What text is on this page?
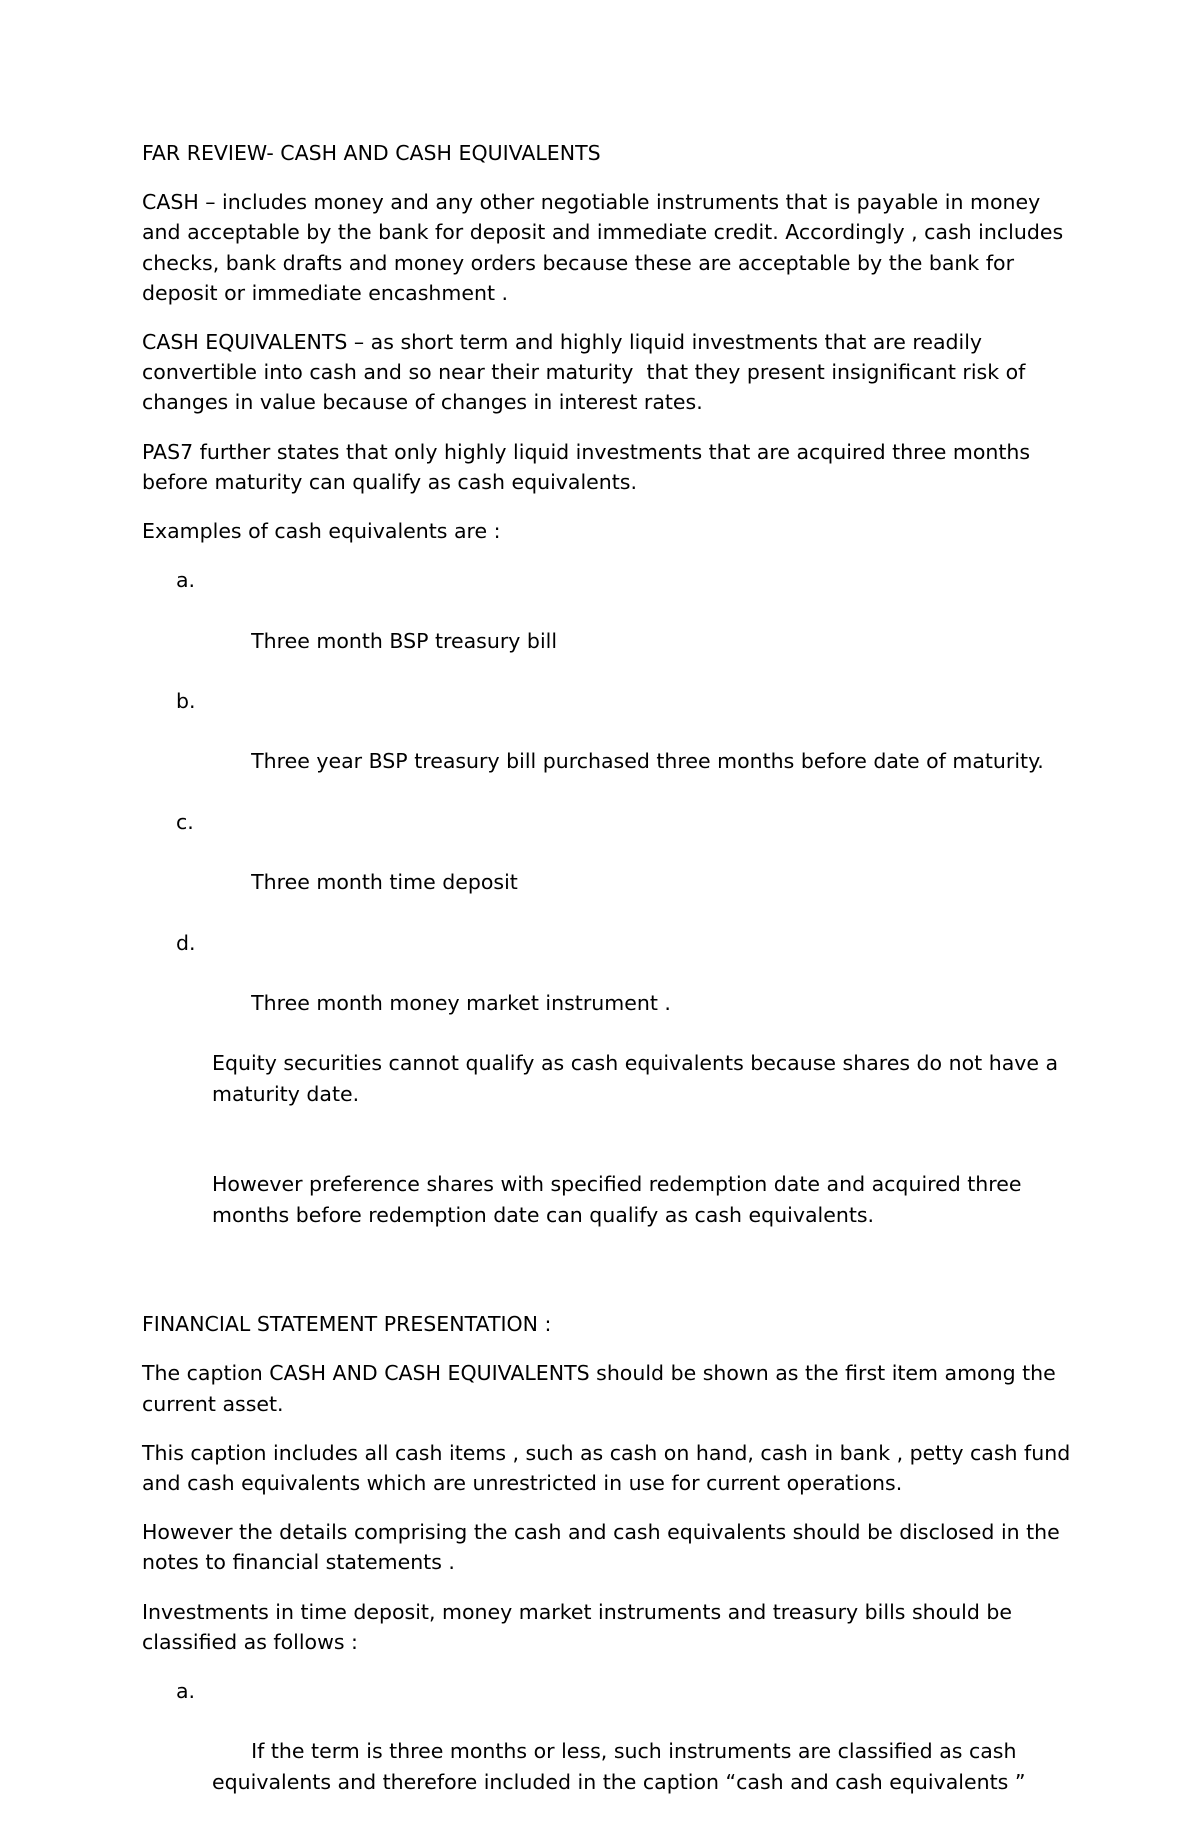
FAR REVIEW- CASH AND CASH EQUIVALENTS

CASH – includes money and any other negotiable instruments that is payable in money and acceptable by the bank for deposit and immediate credit. Accordingly , cash includes checks, bank drafts and money orders because these are acceptable by the bank for deposit or immediate encashment .

CASH EQUIVALENTS – as short term and highly liquid investments that are readily convertible into cash and so near their maturity  that they present insignificant risk of changes in value because of changes in interest rates.

PAS7 further states that only highly liquid investments that are acquired three months before maturity can qualify as cash equivalents.

Examples of cash equivalents are :

a.

Three month BSP treasury bill

b.

Three year BSP treasury bill purchased three months before date of maturity.

c.

Three month time deposit

d.

Three month money market instrument .

Equity securities cannot qualify as cash equivalents because shares do not have a maturity date.

However preference shares with specified redemption date and acquired three months before redemption date can qualify as cash equivalents.

FINANCIAL STATEMENT PRESENTATION :

The caption CASH AND CASH EQUIVALENTS should be shown as the first item among the current asset.

This caption includes all cash items , such as cash on hand, cash in bank , petty cash fund and cash equivalents which are unrestricted in use for current operations.

However the details comprising the cash and cash equivalents should be disclosed in the notes to financial statements .

Investments in time deposit, money market instruments and treasury bills should be classified as follows :

a.

If the term is three months or less, such instruments are classified as cash equivalents and therefore included in the caption “cash and cash equivalents ”
